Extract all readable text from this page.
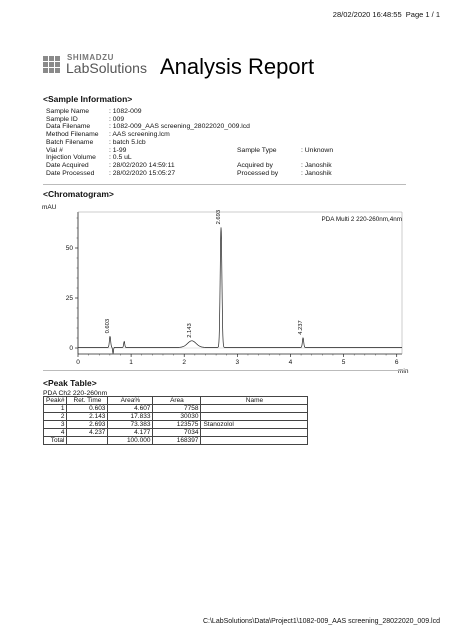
28/02/2020 16:48:55 Page 1 / 1
SHIMADZU
LabSolutions Analysis Report
<Sample Information>
Sample Name	: 1082-009
Sample ID	: 009
Data Filename	: 1082-009_AAS screening_28022020_009.lcd
Method Filename : AAS screening.lcm
Batch Filename : batch 5.lcb
Vial #	: 1-99
Injection Volume : 0.5 uL
Date Acquired	: 28/02/2020 14:59:11
Date Processed : 28/02/2020 15:05:27
Sample Type	: Unknown
Acquired by	: Janoshik
Processed by	: Janoshik
<Chromatogram>
mAU
min
PDA Multi 2 220-260nm,4nm
0	1	2	3	4	5	6
0
25
50
0.603	2.143
2.693
4.237
<Peak Table>
PDA Ch2 220-260nm
Peak#	Ret. Time	Area%	Area	Name
1	0.603	4.607	7758	
2	2.143	17.833	30030	
3	2.693	73.383	123575	Stanozolol
4	4.237	4.177	7034	
Total		100.000	168397	
C:\LabSolutions\Data\Project1\1082-009_AAS screening_28022020_009.lcd
